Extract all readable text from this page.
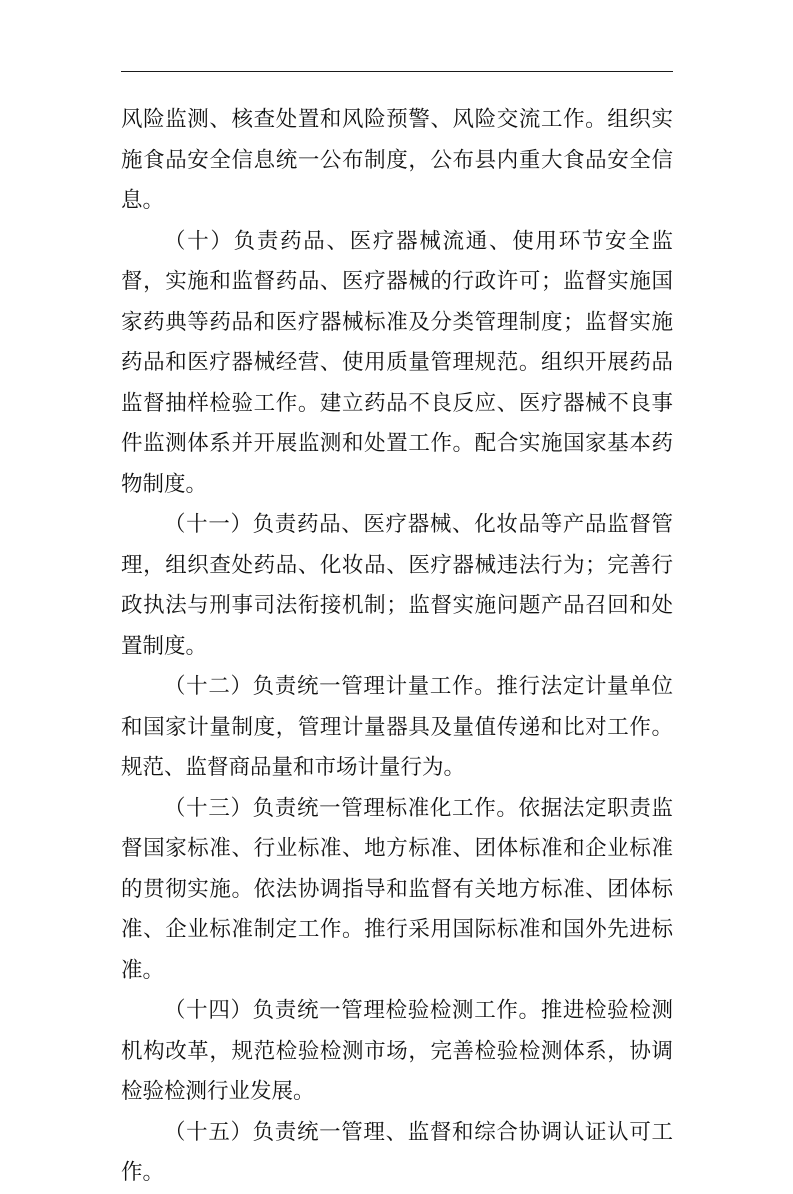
风险监测、核查处置和风险预警、风险交流工作。组织实施食品安全信息统一公布制度，公布县内重大食品安全信息。

（十）负责药品、医疗器械流通、使用环节安全监督，实施和监督药品、医疗器械的行政许可；监督实施国家药典等药品和医疗器械标准及分类管理制度；监督实施药品和医疗器械经营、使用质量管理规范。组织开展药品监督抽样检验工作。建立药品不良反应、医疗器械不良事件监测体系并开展监测和处置工作。配合实施国家基本药物制度。

（十一）负责药品、医疗器械、化妆品等产品监督管理，组织查处药品、化妆品、医疗器械违法行为；完善行政执法与刑事司法衔接机制；监督实施问题产品召回和处置制度。

（十二）负责统一管理计量工作。推行法定计量单位和国家计量制度，管理计量器具及量值传递和比对工作。规范、监督商品量和市场计量行为。

（十三）负责统一管理标准化工作。依据法定职责监督国家标准、行业标准、地方标准、团体标准和企业标准的贯彻实施。依法协调指导和监督有关地方标准、团体标准、企业标准制定工作。推行采用国际标准和国外先进标准。

（十四）负责统一管理检验检测工作。推进检验检测机构改革，规范检验检测市场，完善检验检测体系，协调检验检测行业发展。

（十五）负责统一管理、监督和综合协调认证认可工作。
